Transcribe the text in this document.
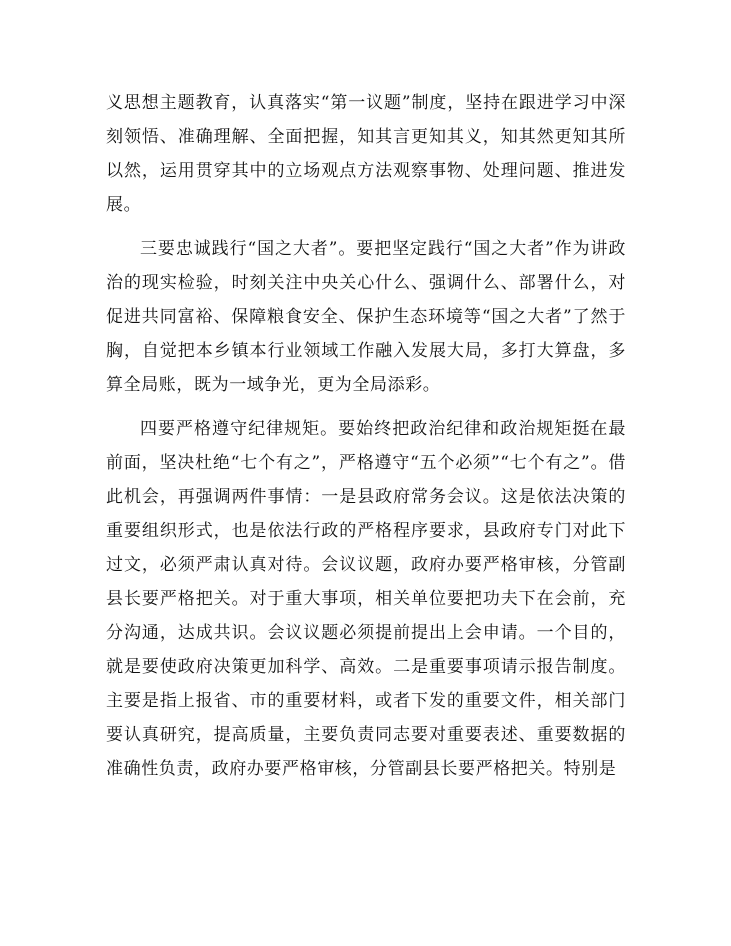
义思想主题教育，认真落实“第一议题”制度，坚持在跟进学习中深刻领悟、准确理解、全面把握，知其言更知其义，知其然更知其所以然，运用贯穿其中的立场观点方法观察事物、处理问题、推进发展。

三要忠诚践行“国之大者”。要把坚定践行“国之大者”作为讲政治的现实检验，时刻关注中央关心什么、强调什么、部署什么，对促进共同富裕、保障粮食安全、保护生态环境等“国之大者”了然于胸，自觉把本乡镇本行业领域工作融入发展大局，多打大算盘，多算全局账，既为一域争光，更为全局添彩。

四要严格遵守纪律规矩。要始终把政治纪律和政治规矩挺在最前面，坚决杜绝“七个有之”，严格遵守“五个必须”“七个有之”。借此机会，再强调两件事情：一是县政府常务会议。这是依法决策的重要组织形式，也是依法行政的严格程序要求，县政府专门对此下过文，必须严肃认真对待。会议议题，政府办要严格审核，分管副县长要严格把关。对于重大事项，相关单位要把功夫下在会前，充分沟通，达成共识。会议议题必须提前提出上会申请。一个目的，就是要使政府决策更加科学、高效。二是重要事项请示报告制度。主要是指上报省、市的重要材料，或者下发的重要文件，相关部门要认真研究，提高质量，主要负责同志要对重要表述、重要数据的准确性负责，政府办要严格审核，分管副县长要严格把关。特别是
